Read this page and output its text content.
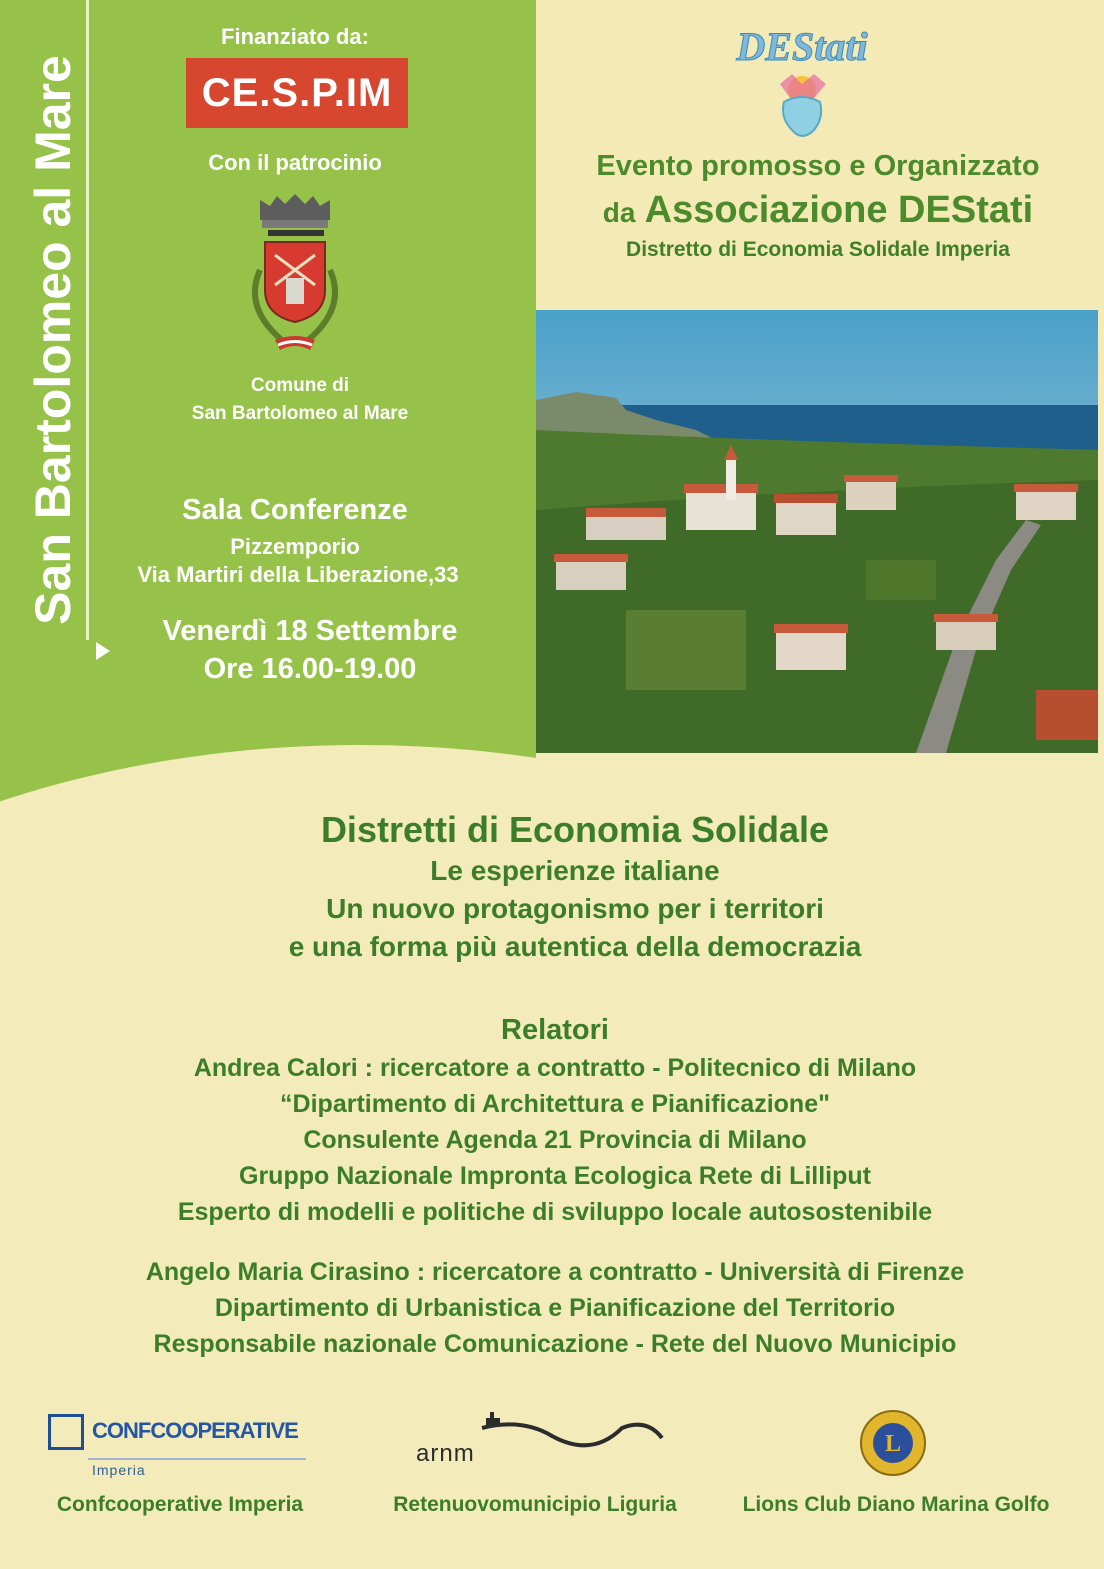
San Bartolomeo al Mare
Finanziato da:
CE.S.P.IM
Con il patrocinio
Comune di
San Bartolomeo al Mare
Sala Conferenze
Pizzemporio
Via Martiri della Liberazione,33
Venerdì 18 Settembre
Ore 16.00-19.00
DEStati
Evento promosso e Organizzato
da Associazione DEStati
Distretto di Economia Solidale Imperia
Distretti di Economia Solidale
Le esperienze italiane
Un nuovo protagonismo per i territori
e una forma più autentica della democrazia
Relatori
Andrea Calori : ricercatore a contratto - Politecnico di Milano
“Dipartimento di Architettura e Pianificazione"
Consulente Agenda 21 Provincia di Milano
Gruppo Nazionale Impronta Ecologica Rete di Lilliput
Esperto di modelli e politiche di sviluppo locale autosostenibile
Angelo Maria Cirasino : ricercatore a contratto - Università di Firenze
Dipartimento di Urbanistica e Pianificazione del Territorio
Responsabile nazionale Comunicazione - Rete del Nuovo Municipio
CONFCOOPERATIVE
Imperia
arnm	L
Confcooperative Imperia	Retenuovomunicipio Liguria	Lions Club Diano Marina Golfo
